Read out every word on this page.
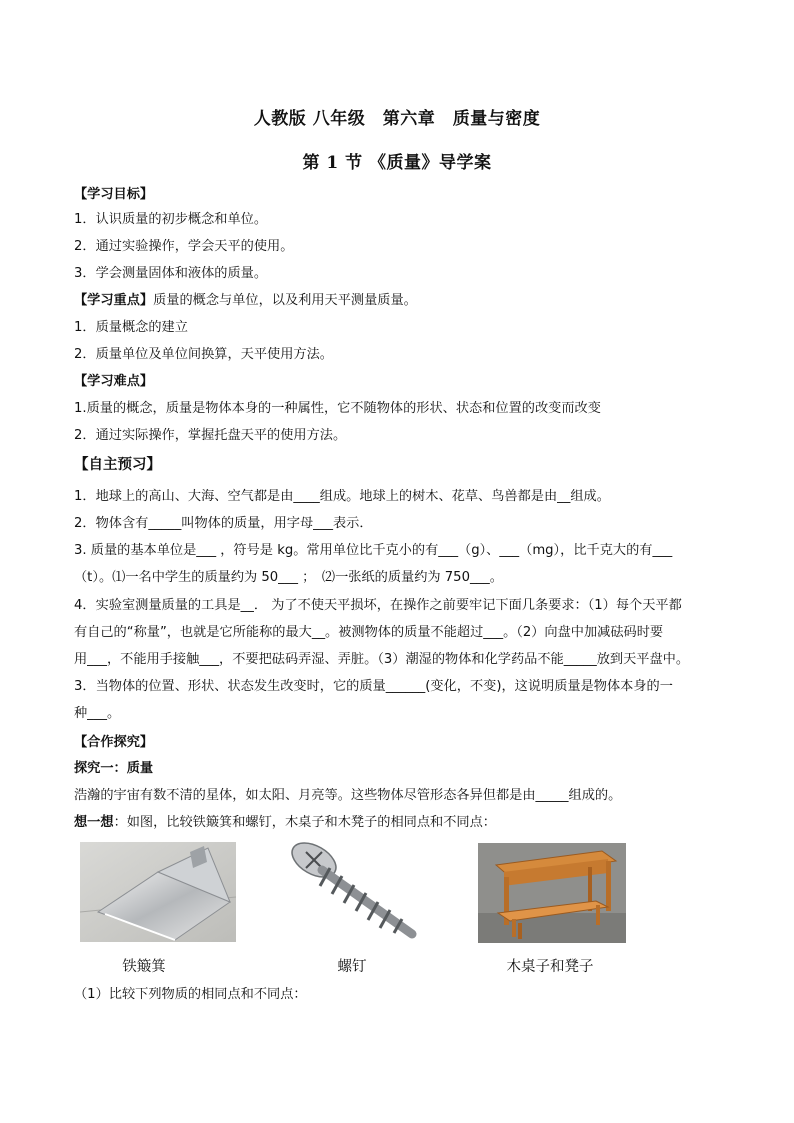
人教版 八年级　第六章　质量与密度
第 1 节 《质量》导学案
【学习目标】
1．认识质量的初步概念和单位。
2．通过实验操作，学会天平的使用。
3．学会测量固体和液体的质量。
【学习重点】质量的概念与单位，以及利用天平测量质量。
1．质量概念的建立
2．质量单位及单位间换算，天平使用方法。
【学习难点】
1.质量的概念，质量是物体本身的一种属性，它不随物体的形状、状态和位置的改变而改变
2．通过实际操作，掌握托盘天平的使用方法。
【自主预习】
1．地球上的高山、大海、空气都是由____组成。地球上的树木、花草、鸟兽都是由__组成。
2．物体含有_____叫物体的质量，用字母___表示．
3. 质量的基本单位是___ ，符号是 kg。常用单位比千克小的有___（g）、___（mg），比千克大的有___
（t）。⑴一名中学生的质量约为 50___ ；　⑵一张纸的质量约为 750___。
4．实验室测量质量的工具是__． 为了不使天平损坏，在操作之前要牢记下面几条要求：（1）每个天平都
有自己的“称量”，也就是它所能称的最大__。被测物体的质量不能超过___。（2）向盘中加减砝码时要
用___，不能用手接触___，不要把砝码弄湿、弄脏。（3）潮湿的物体和化学药品不能_____放到天平盘中。
3．当物体的位置、形状、状态发生改变时，它的质量______(变化，不变)，这说明质量是物体本身的一
种___。
【合作探究】
探究一：质量
浩瀚的宇宙有数不清的星体，如太阳、月亮等。这些物体尽管形态各异但都是由_____组成的。
想一想：如图，比较铁簸箕和螺钉，木桌子和木凳子的相同点和不同点：
铁簸箕	螺钉	木桌子和凳子
（1）比较下列物质的相同点和不同点：
